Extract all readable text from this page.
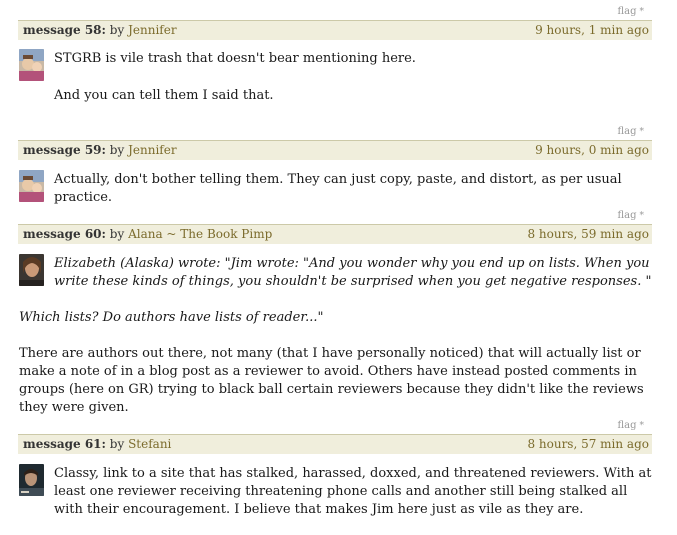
flag *
message 58: by Jennifer	9 hours, 1 min ago

STGRB is vile trash that doesn't bear mentioning here.

And you can tell them I said that.

flag *
message 59: by Jennifer	9 hours, 0 min ago

Actually, don't bother telling them. They can just copy, paste, and distort, as per usual practice.

flag *
message 60: by Alana ~ The Book Pimp	8 hours, 59 min ago

Elizabeth (Alaska) wrote: "Jim wrote: "And you wonder why you end up on lists. When you write these kinds of things, you shouldn't be surprised when you get negative responses. "

Which lists? Do authors have lists of reader..."

There are authors out there, not many (that I have personally noticed) that will actually list or make a note of in a blog post as a reviewer to avoid. Others have instead posted comments in groups (here on GR) trying to black ball certain reviewers because they didn't like the reviews they were given.

flag *
message 61: by Stefani	8 hours, 57 min ago

Classy, link to a site that has stalked, harassed, doxxed, and threatened reviewers. With at least one reviewer receiving threatening phone calls and another still being stalked all with their encouragement. I believe that makes Jim here just as vile as they are.
